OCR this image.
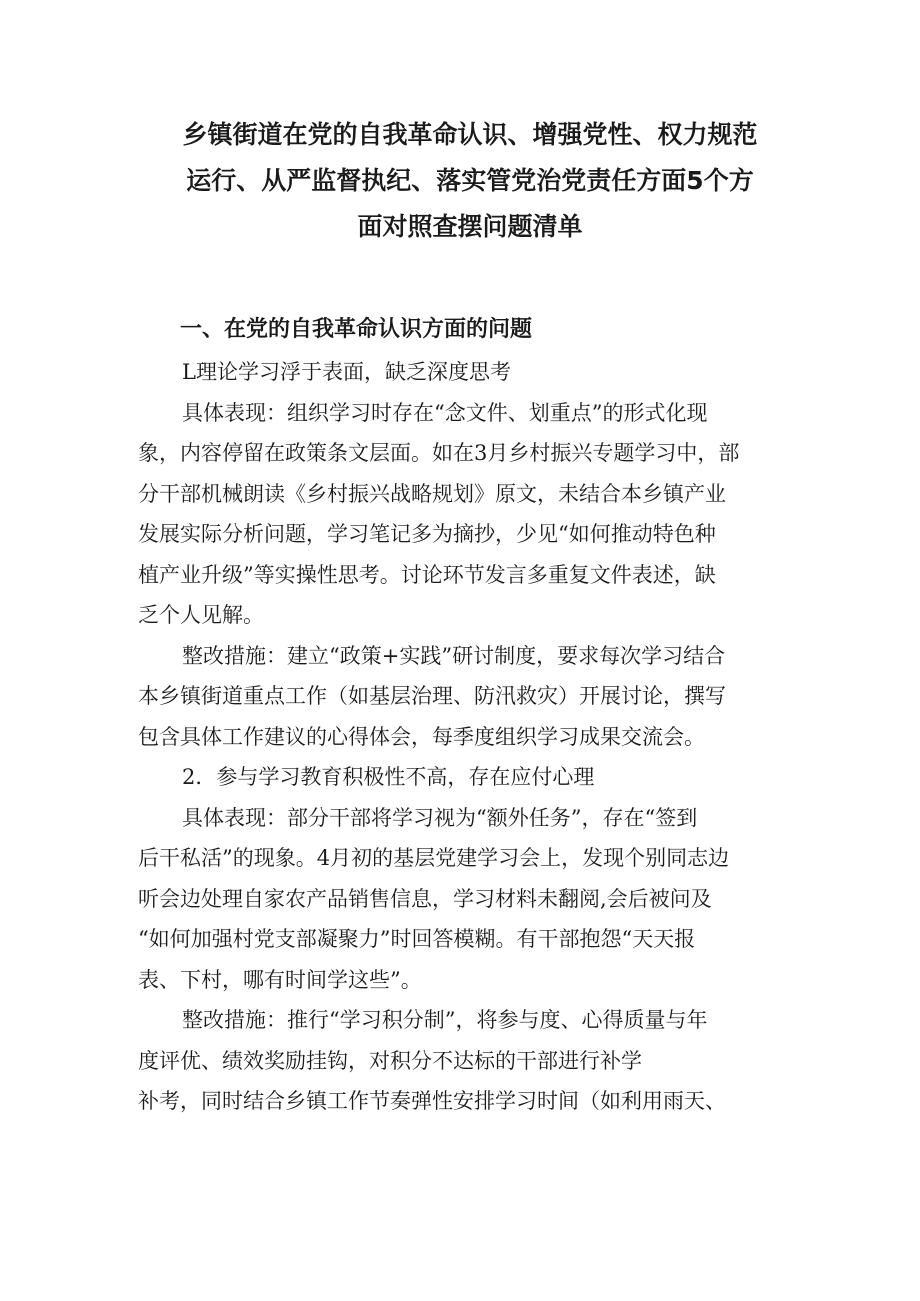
乡镇街道在党的自我革命认识、增强党性、权力规范
运行、从严监督执纪、落实管党治党责任方面5个方
面对照查摆问题清单
一、在党的自我革命认识方面的问题
L理论学习浮于表面，缺乏深度思考
具体表现：组织学习时存在“念文件、划重点”的形式化现
象，内容停留在政策条文层面。如在3月乡村振兴专题学习中，部
分干部机械朗读《乡村振兴战略规划》原文，未结合本乡镇产业
发展实际分析问题，学习笔记多为摘抄，少见“如何推动特色种
植产业升级”等实操性思考。讨论环节发言多重复文件表述，缺
乏个人见解。
整改措施：建立“政策+实践”研讨制度，要求每次学习结合
本乡镇街道重点工作（如基层治理、防汛救灾）开展讨论，撰写
包含具体工作建议的心得体会，每季度组织学习成果交流会。
2．参与学习教育积极性不高，存在应付心理
具体表现：部分干部将学习视为“额外任务”，存在“签到
后干私活”的现象。4月初的基层党建学习会上，发现个别同志边
听会边处理自家农产品销售信息，学习材料未翻阅,会后被问及
“如何加强村党支部凝聚力”时回答模糊。有干部抱怨“天天报
表、下村，哪有时间学这些”。
整改措施：推行“学习积分制”，将参与度、心得质量与年
度评优、绩效奖励挂钩，对积分不达标的干部进行补学
补考，同时结合乡镇工作节奏弹性安排学习时间（如利用雨天、
